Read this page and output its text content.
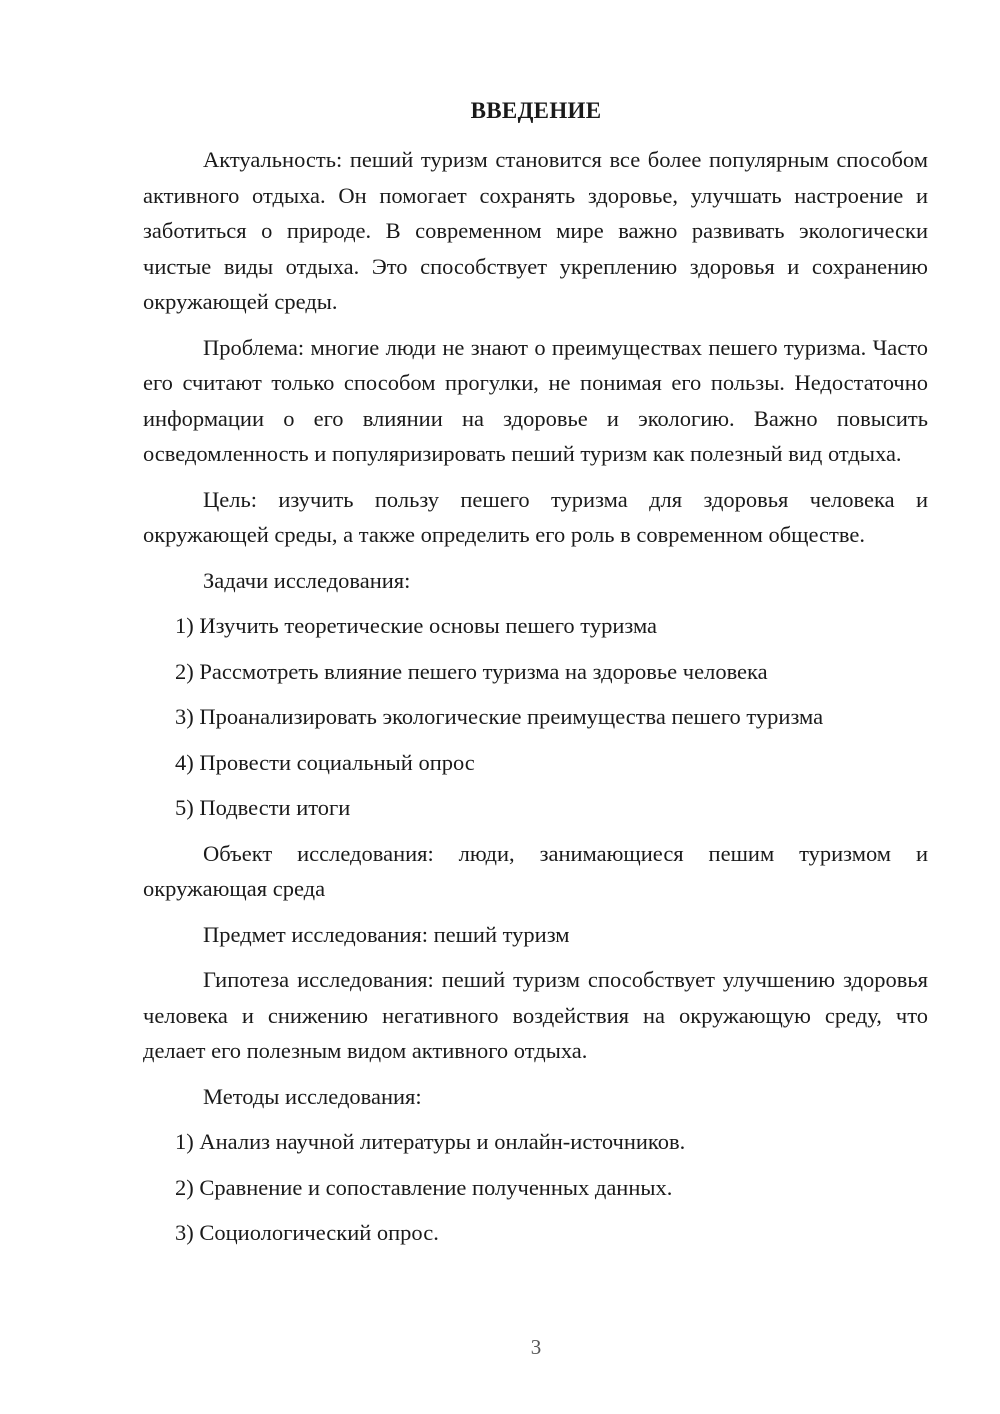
ВВЕДЕНИЕ

Актуальность: пеший туризм становится все более популярным способом активного отдыха. Он помогает сохранять здоровье, улучшать настроение и заботиться о природе. В современном мире важно развивать экологически чистые виды отдыха. Это способствует укреплению здоровья и сохранению окружающей среды.

Проблема: многие люди не знают о преимуществах пешего туризма. Часто его считают только способом прогулки, не понимая его пользы. Недостаточно информации о его влиянии на здоровье и экологию. Важно повысить осведомленность и популяризировать пеший туризм как полезный вид отдыха.

Цель: изучить пользу пешего туризма для здоровья человека и окружающей среды, а также определить его роль в современном обществе.

Задачи исследования:

1) Изучить теоретические основы пешего туризма

2) Рассмотреть влияние пешего туризма на здоровье человека

3) Проанализировать экологические преимущества пешего туризма

4) Провести социальный опрос

5) Подвести итоги

Объект исследования: люди, занимающиеся пешим туризмом и окружающая среда

Предмет исследования: пеший туризм

Гипотеза исследования: пеший туризм способствует улучшению здоровья человека и снижению негативного воздействия на окружающую среду, что делает его полезным видом активного отдыха.

Методы исследования:

1) Анализ научной литературы и онлайн-источников.

2) Сравнение и сопоставление полученных данных.

3) Социологический опрос.

3
